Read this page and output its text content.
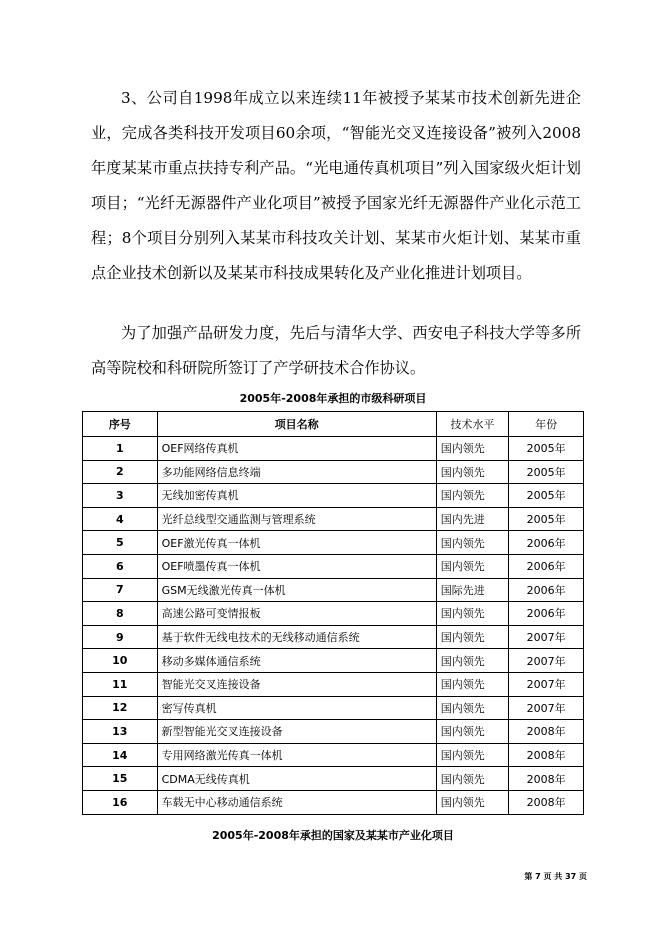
3、公司自1998年成立以来连续11年被授予某某市技术创新先进企业，完成各类科技开发项目60余项，“智能光交叉连接设备”被列入2008年度某某市重点扶持专利产品。“光电通传真机项目”列入国家级火炬计划项目；“光纤无源器件产业化项目”被授予国家光纤无源器件产业化示范工程；8个项目分别列入某某市科技攻关计划、某某市火炬计划、某某市重点企业技术创新以及某某市科技成果转化及产业化推进计划项目。
为了加强产品研发力度，先后与清华大学、西安电子科技大学等多所高等院校和科研院所签订了产学研技术合作协议。
2005年-2008年承担的市级科研项目
序号	项目名称	技术水平	年份
1	OEF网络传真机	国内领先	2005年
2	多功能网络信息终端	国内领先	2005年
3	无线加密传真机	国内领先	2005年
4	光纤总线型交通监测与管理系统	国内先进	2005年
5	OEF激光传真一体机	国内领先	2006年
6	OEF喷墨传真一体机	国内领先	2006年
7	GSM无线激光传真一体机	国际先进	2006年
8	高速公路可变情报板	国内领先	2006年
9	基于软件无线电技术的无线移动通信系统	国内领先	2007年
10	移动多媒体通信系统	国内领先	2007年
11	智能光交叉连接设备	国内领先	2007年
12	密写传真机	国内领先	2007年
13	新型智能光交叉连接设备	国内领先	2008年
14	专用网络激光传真一体机	国内领先	2008年
15	CDMA无线传真机	国内领先	2008年
16	车载无中心移动通信系统	国内领先	2008年
2005年-2008年承担的国家及某某市产业化项目
第 7 页 共 37 页
